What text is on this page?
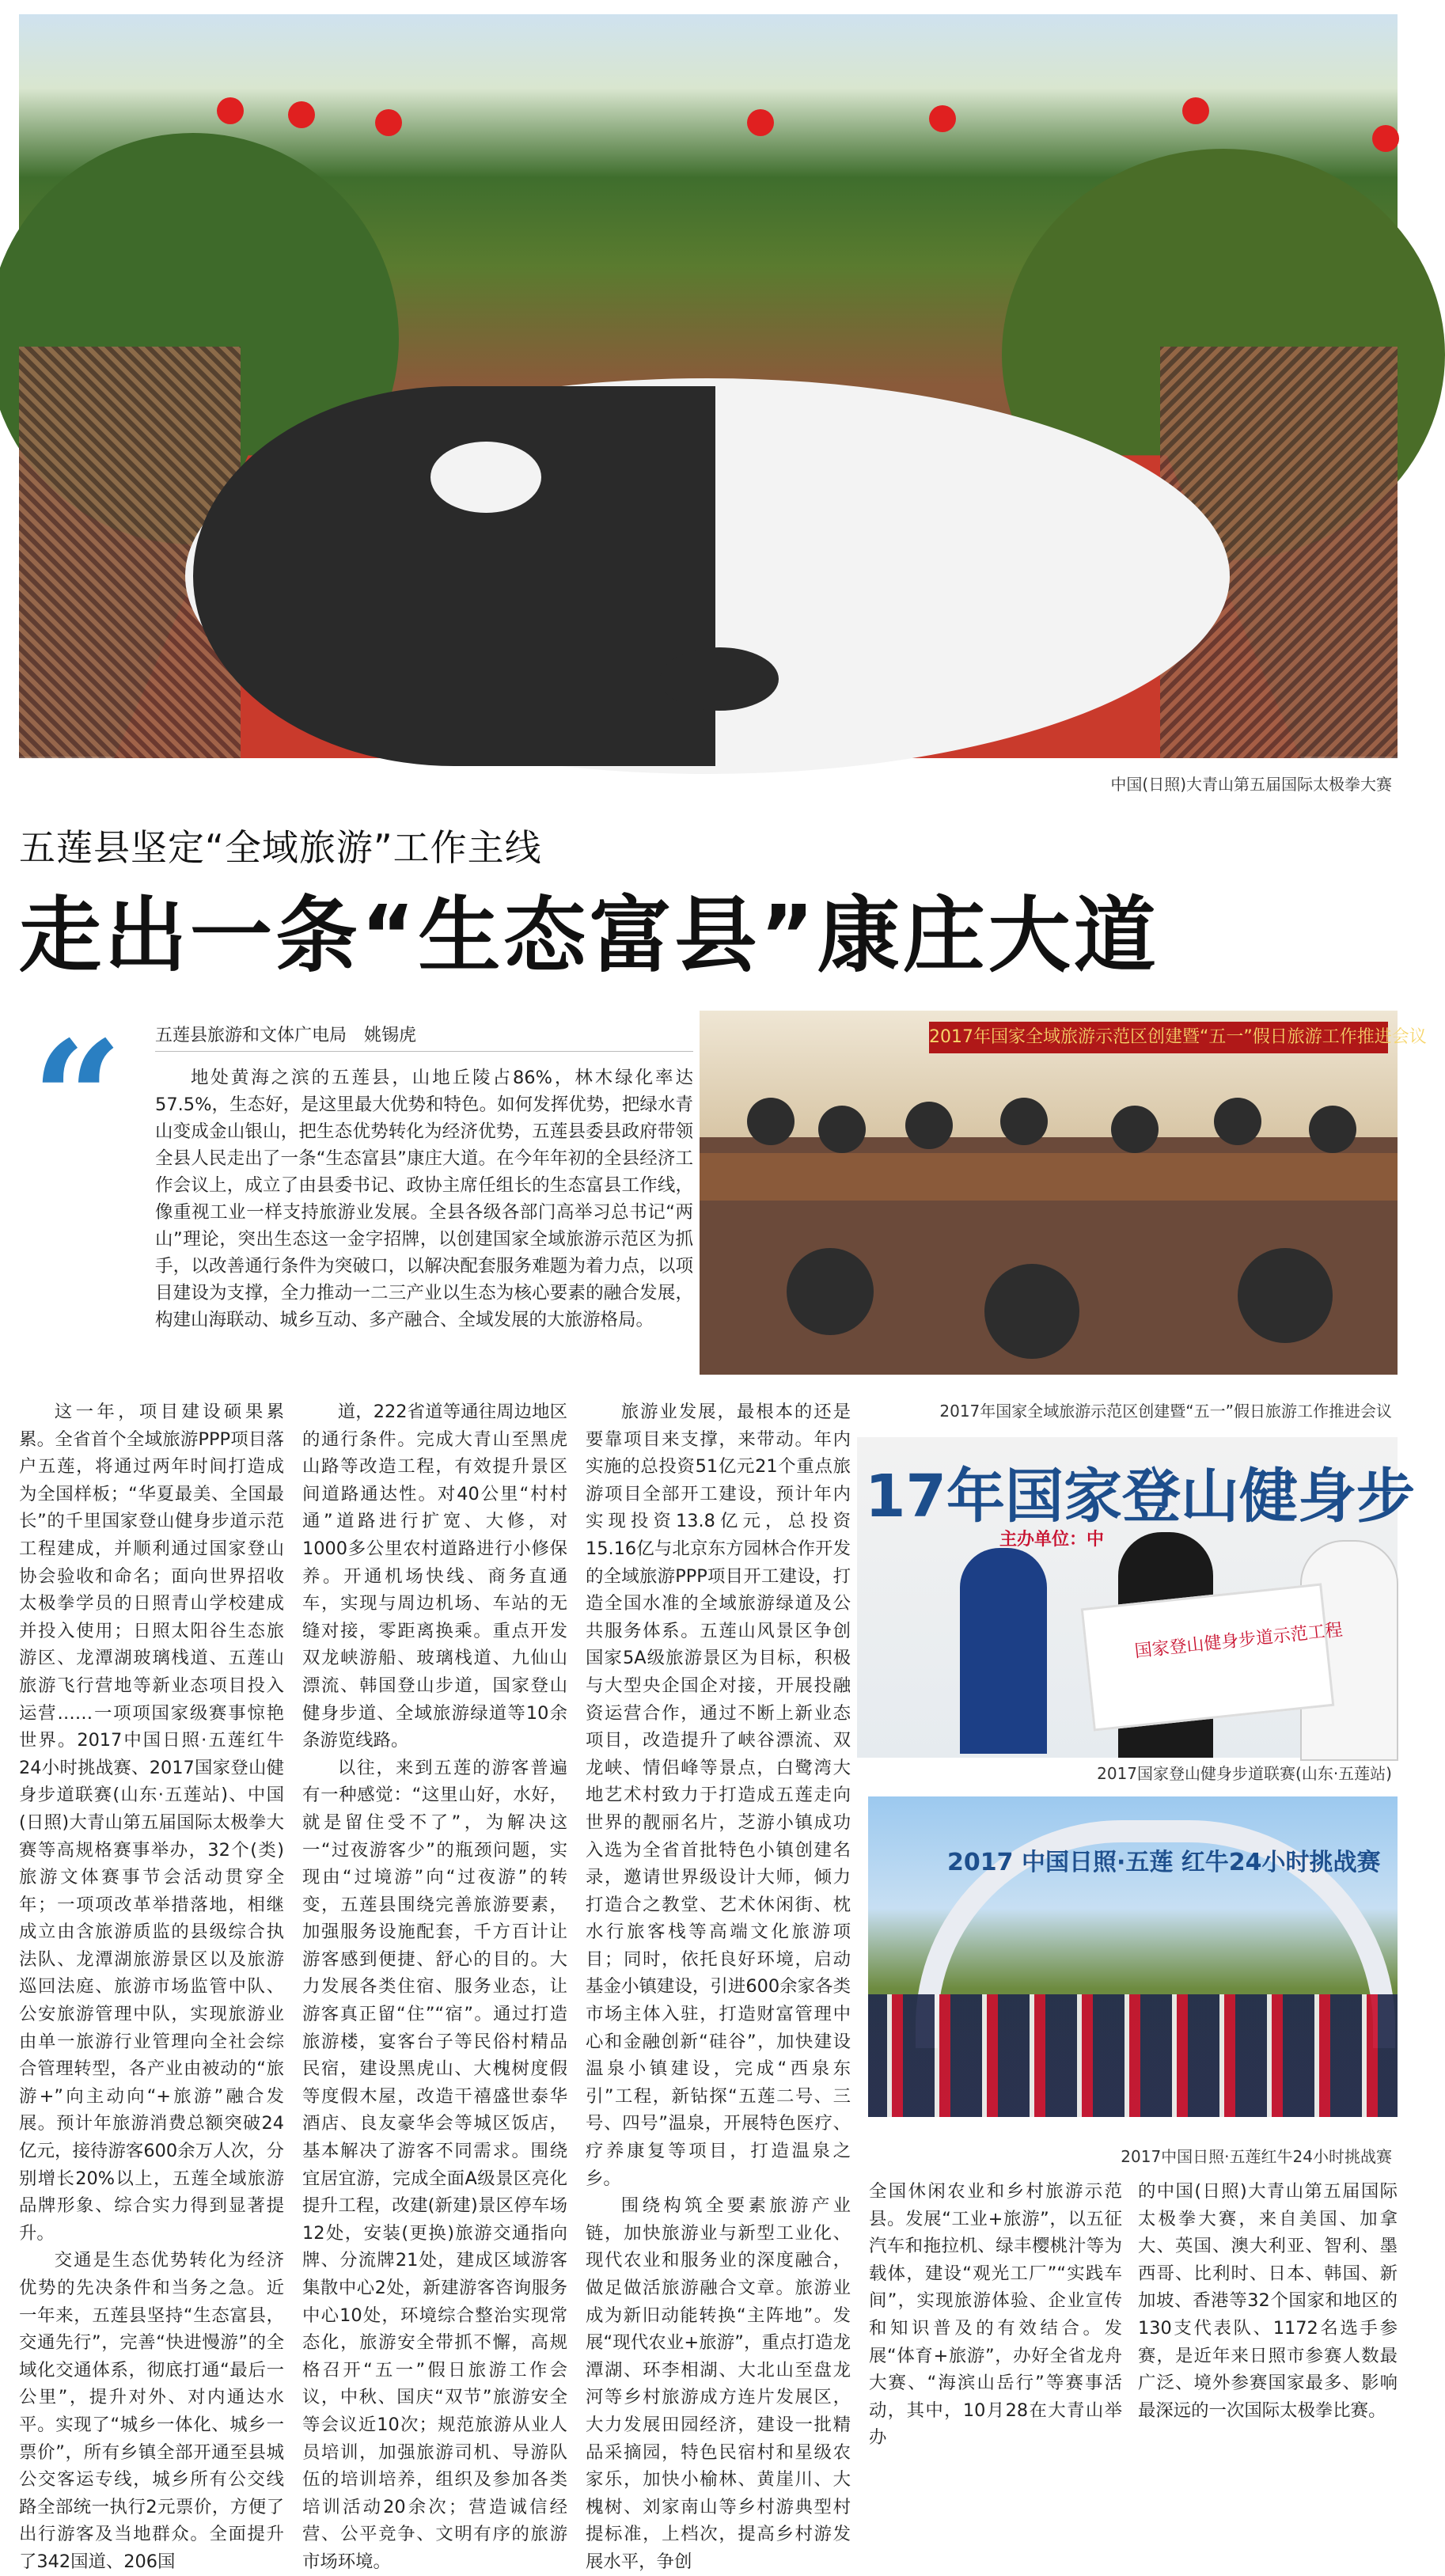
中国(日照)大青山第五届国际太极拳大赛
五莲县坚定“全域旅游”工作主线
走出一条“生态富县”康庄大道
“ 五莲县旅游和文体广电局　姚锡虎
地处黄海之滨的五莲县，山地丘陵占86%，林木绿化率达57.5%，生态好，是这里最大优势和特色。如何发挥优势，把绿水青山变成金山银山，把生态优势转化为经济优势，五莲县委县政府带领全县人民走出了一条“生态富县”康庄大道。在今年年初的全县经济工作会议上，成立了由县委书记、政协主席任组长的生态富县工作线，像重视工业一样支持旅游业发展。全县各级各部门高举习总书记“两山”理论，突出生态这一金字招牌，以创建国家全域旅游示范区为抓手，以改善通行条件为突破口，以解决配套服务难题为着力点，以项目建设为支撑，全力推动一二三产业以生态为核心要素的融合发展，构建山海联动、城乡互动、多产融合、全域发展的大旅游格局。
2017年国家全域旅游示范区创建暨“五一”假日旅游工作推进会议
2017年国家全域旅游示范区创建暨“五一”假日旅游工作推进会议
17年国家登山健身步
主办单位：中
国家登山健身步道示范工程
2017国家登山健身步道联赛(山东·五莲站)
2017 中国日照·五莲 红牛24小时挑战赛
2017中国日照·五莲红牛24小时挑战赛

这一年，项目建设硕果累累。全省首个全域旅游PPP项目落户五莲，将通过两年时间打造成为全国样板；“华夏最美、全国最长”的千里国家登山健身步道示范工程建成，并顺利通过国家登山协会验收和命名；面向世界招收太极拳学员的日照青山学校建成并投入使用；日照太阳谷生态旅游区、龙潭湖玻璃栈道、五莲山旅游飞行营地等新业态项目投入运营……一项项国家级赛事惊艳世界。2017中国日照·五莲红牛24小时挑战赛、2017国家登山健身步道联赛(山东·五莲站)、中国(日照)大青山第五届国际太极拳大赛等高规格赛事举办，32个(类)旅游文体赛事节会活动贯穿全年；一项项改革举措落地，相继成立由含旅游质监的县级综合执法队、龙潭湖旅游景区以及旅游巡回法庭、旅游市场监管中队、公安旅游管理中队，实现旅游业由单一旅游行业管理向全社会综合管理转型，各产业由被动的“旅游+”向主动向“+旅游”融合发展。预计年旅游消费总额突破24亿元，接待游客600余万人次，分别增长20%以上，五莲全域旅游品牌形象、综合实力得到显著提升。

交通是生态优势转化为经济优势的先决条件和当务之急。近一年来，五莲县坚持“生态富县，交通先行”，完善“快进慢游”的全域化交通体系，彻底打通“最后一公里”，提升对外、对内通达水平。实现了“城乡一体化、城乡一票价”，所有乡镇全部开通至县城公交客运专线，城乡所有公交线路全部统一执行2元票价，方便了出行游客及当地群众。全面提升了342国道、206国

道，222省道等通往周边地区的通行条件。完成大青山至黑虎山路等改造工程，有效提升景区间道路通达性。对40公里“村村通”道路进行扩宽、大修，对1000多公里农村道路进行小修保养。开通机场快线、商务直通车，实现与周边机场、车站的无缝对接，零距离换乘。重点开发双龙峡游船、玻璃栈道、九仙山漂流、韩国登山步道，国家登山健身步道、全域旅游绿道等10余条游览线路。

以往，来到五莲的游客普遍有一种感觉：“这里山好，水好，就是留住受不了”，为解决这一“过夜游客少”的瓶颈问题，实现由“过境游”向“过夜游”的转变，五莲县围绕完善旅游要素，加强服务设施配套，千方百计让游客感到便捷、舒心的目的。大力发展各类住宿、服务业态，让游客真正留“住”“宿”。通过打造旅游楼，宴客台子等民俗村精品民宿，建设黑虎山、大槐树度假等度假木屋，改造干禧盛世泰华酒店、良友豪华会等城区饭店，基本解决了游客不同需求。围绕宜居宜游，完成全面A级景区亮化提升工程，改建(新建)景区停车场12处，安装(更换)旅游交通指向牌、分流牌21处，建成区域游客集散中心2处，新建游客咨询服务中心10处，环境综合整治实现常态化，旅游安全带抓不懈，高规格召开“五一”假日旅游工作会议，中秋、国庆“双节”旅游安全等会议近10次；规范旅游从业人员培训，加强旅游司机、导游队伍的培训培养，组织及参加各类培训活动20余次；营造诚信经营、公平竞争、文明有序的旅游市场环境。

旅游业发展，最根本的还是要靠项目来支撑，来带动。年内实施的总投资51亿元21个重点旅游项目全部开工建设，预计年内实现投资13.8亿元，总投资15.16亿与北京东方园林合作开发的全域旅游PPP项目开工建设，打造全国水准的全域旅游绿道及公共服务体系。五莲山风景区争创国家5A级旅游景区为目标，积极与大型央企国企对接，开展投融资运营合作，通过不断上新业态项目，改造提升了峡谷漂流、双龙峡、情侣峰等景点，白鹭湾大地艺术村致力于打造成五莲走向世界的靓丽名片，芝游小镇成功入选为全省首批特色小镇创建名录，邀请世界级设计大师，倾力打造合之教堂、艺术休闲街、枕水行旅客栈等高端文化旅游项目；同时，依托良好环境，启动基金小镇建设，引进600余家各类市场主体入驻，打造财富管理中心和金融创新“硅谷”，加快建设温泉小镇建设，完成“西泉东引”工程，新钻探“五莲二号、三号、四号”温泉，开展特色医疗、疗养康复等项目，打造温泉之乡。

围绕构筑全要素旅游产业链，加快旅游业与新型工业化、现代农业和服务业的深度融合，做足做活旅游融合文章。旅游业成为新旧动能转换“主阵地”。发展“现代农业+旅游”，重点打造龙潭湖、环李相湖、大北山至盘龙河等乡村旅游成方连片发展区，大力发展田园经济，建设一批精品采摘园，特色民宿村和星级农家乐，加快小榆林、黄崖川、大槐树、刘家南山等乡村游典型村提标准，上档次，提高乡村游发展水平，争创

全国休闲农业和乡村旅游示范县。发展“工业+旅游”，以五征汽车和拖拉机、绿丰樱桃汁等为载体，建设“观光工厂”“实践车间”，实现旅游体验、企业宣传和知识普及的有效结合。发展“体育+旅游”，办好全省龙舟大赛、“海滨山岳行”等赛事活动，其中，10月28在大青山举办

的中国(日照)大青山第五届国际太极拳大赛，来自美国、加拿大、英国、澳大利亚、智利、墨西哥、比利时、日本、韩国、新加坡、香港等32个国家和地区的130支代表队、1172名选手参赛，是近年来日照市参赛人数最广泛、境外参赛国家最多、影响最深远的一次国际太极拳比赛。
